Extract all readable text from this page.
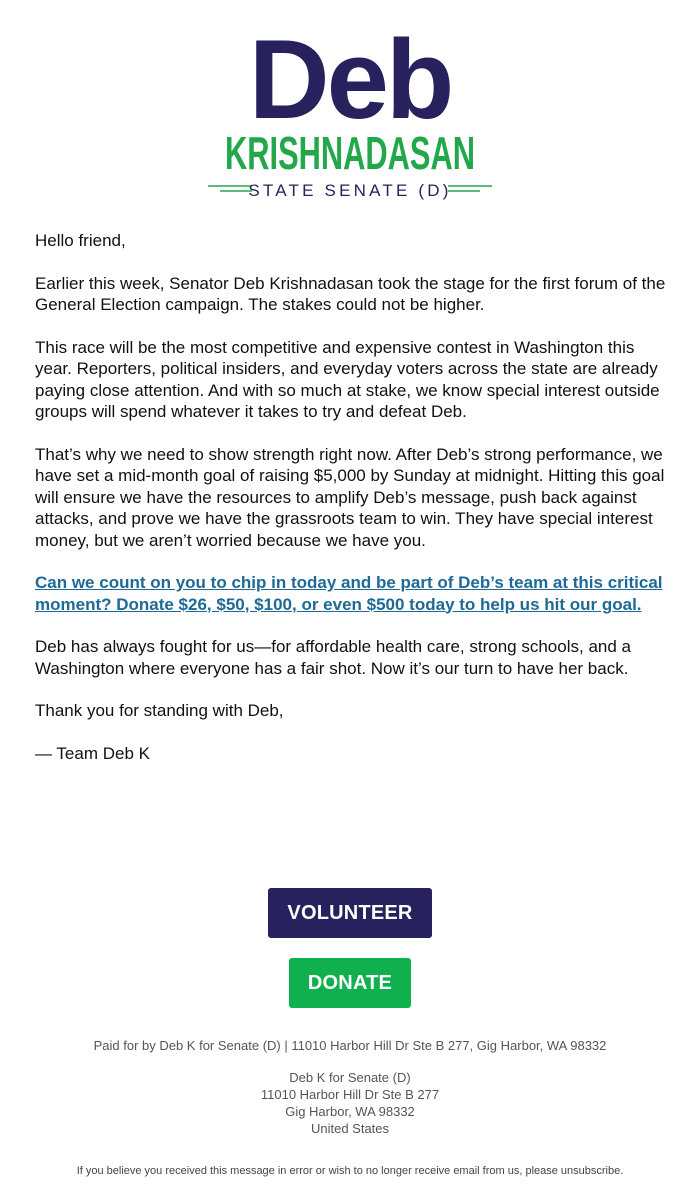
Deb
KRISHNADASAN
STATE SENATE (D)

Hello friend,

Earlier this week, Senator Deb Krishnadasan took the stage for the first forum of the General Election campaign. The stakes could not be higher.

This race will be the most competitive and expensive contest in Washington this year. Reporters, political insiders, and everyday voters across the state are already paying close attention. And with so much at stake, we know special interest outside groups will spend whatever it takes to try and defeat Deb.

That’s why we need to show strength right now. After Deb’s strong performance, we have set a mid-month goal of raising $5,000 by Sunday at midnight. Hitting this goal will ensure we have the resources to amplify Deb’s message, push back against attacks, and prove we have the grassroots team to win. They have special interest money, but we aren’t worried because we have you.

Can we count on you to chip in today and be part of Deb’s team at this critical moment? Donate $26, $50, $100, or even $500 today to help us hit our goal.

Deb has always fought for us—for affordable health care, strong schools, and a Washington where everyone has a fair shot. Now it’s our turn to have her back.

Thank you for standing with Deb,

— Team Deb K

VOLUNTEER
DONATE
Paid for by Deb K for Senate (D) | 11010 Harbor Hill Dr Ste B 277, Gig Harbor, WA 98332
Deb K for Senate (D)
11010 Harbor Hill Dr Ste B 277
Gig Harbor, WA 98332
United States
If you believe you received this message in error or wish to no longer receive email from us, please unsubscribe.
